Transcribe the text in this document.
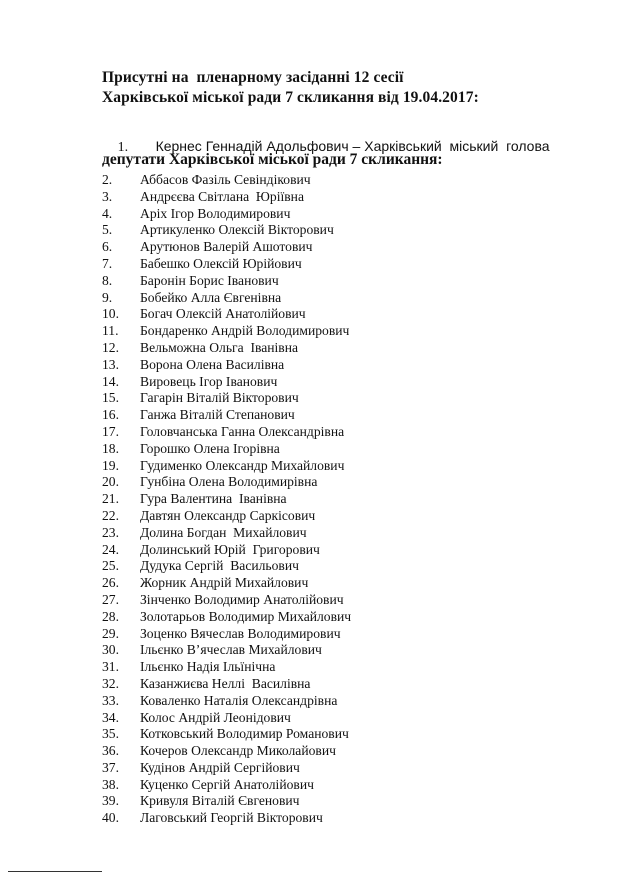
Присутні на  пленарному засіданні 12 сесії
Харківської міської ради 7 скликання від 19.04.2017:

1. Кернес Геннадій Адольфович – Харківський  міський  голова

депутати Харківської міської ради 7 скликання:
2. Аббасов Фазіль Севіндікович
3. Андрєєва Світлана  Юріївна
4. Аріх Ігор Володимирович
5. Артикуленко Олексій Вікторович
6. Арутюнов Валерій Ашотович
7. Бабешко Олексій Юрійович
8. Баронін Борис Іванович
9. Бобейко Алла Євгенівна
10. Богач Олексій Анатолійович
11. Бондаренко Андрій Володимирович
12. Вельможна Ольга  Іванівна
13. Ворона Олена Василівна
14. Вировець Ігор Іванович
15. Гагарін Віталій Вікторович
16. Ганжа Віталій Степанович
17. Головчанська Ганна Олександрівна
18. Горошко Олена Ігорівна
19. Гудименко Олександр Михайлович
20. Гунбіна Олена Володимирівна
21. Гура Валентина  Іванівна
22. Давтян Олександр Саркісович
23. Долина Богдан  Михайлович
24. Долинський Юрій  Григорович
25. Дудука Сергій  Васильович
26. Жорник Андрій Михайлович
27. Зінченко Володимир Анатолійович
28. Золотарьов Володимир Михайлович
29. Зоценко Вячеслав Володимирович
30. Ільєнко В’ячеслав Михайлович
31. Ільєнко Надія Ільїнічна
32. Казанжиєва Неллі  Василівна
33. Коваленко Наталія Олександрівна
34. Колос Андрій Леонідович
35. Котковський Володимир Романович
36. Кочеров Олександр Миколайович
37. Кудінов Андрій Сергійович
38. Куценко Сергій Анатолійович
39. Кривуля Віталій Євгенович
40. Лаговський Георгій Вікторович
